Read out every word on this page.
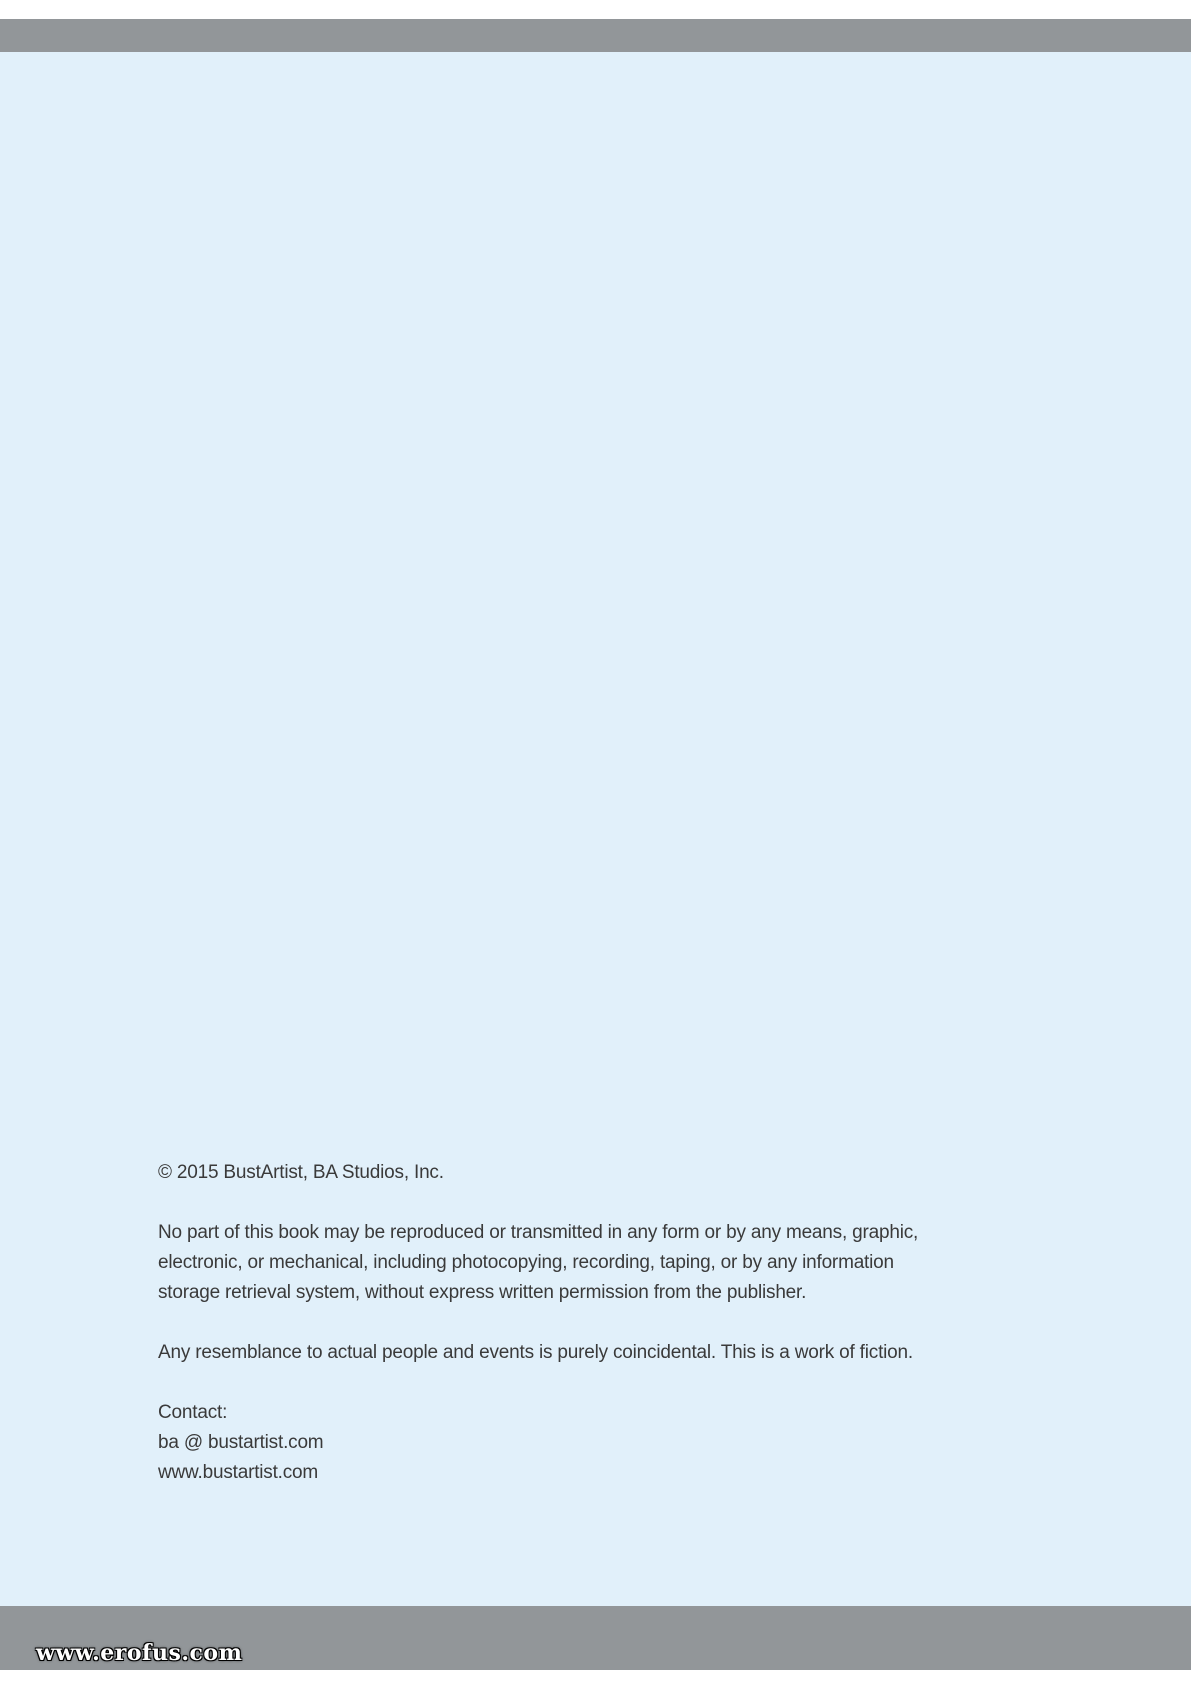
© 2015 BustArtist, BA Studios, Inc.

No part of this book may be reproduced or transmitted in any form or by any means, graphic,
electronic, or mechanical, including photocopying, recording, taping, or by any information
storage retrieval system, without express written permission from the publisher.

Any resemblance to actual people and events is purely coincidental. This is a work of fiction.

Contact:
ba @ bustartist.com
www.bustartist.com

www.erofus.com
